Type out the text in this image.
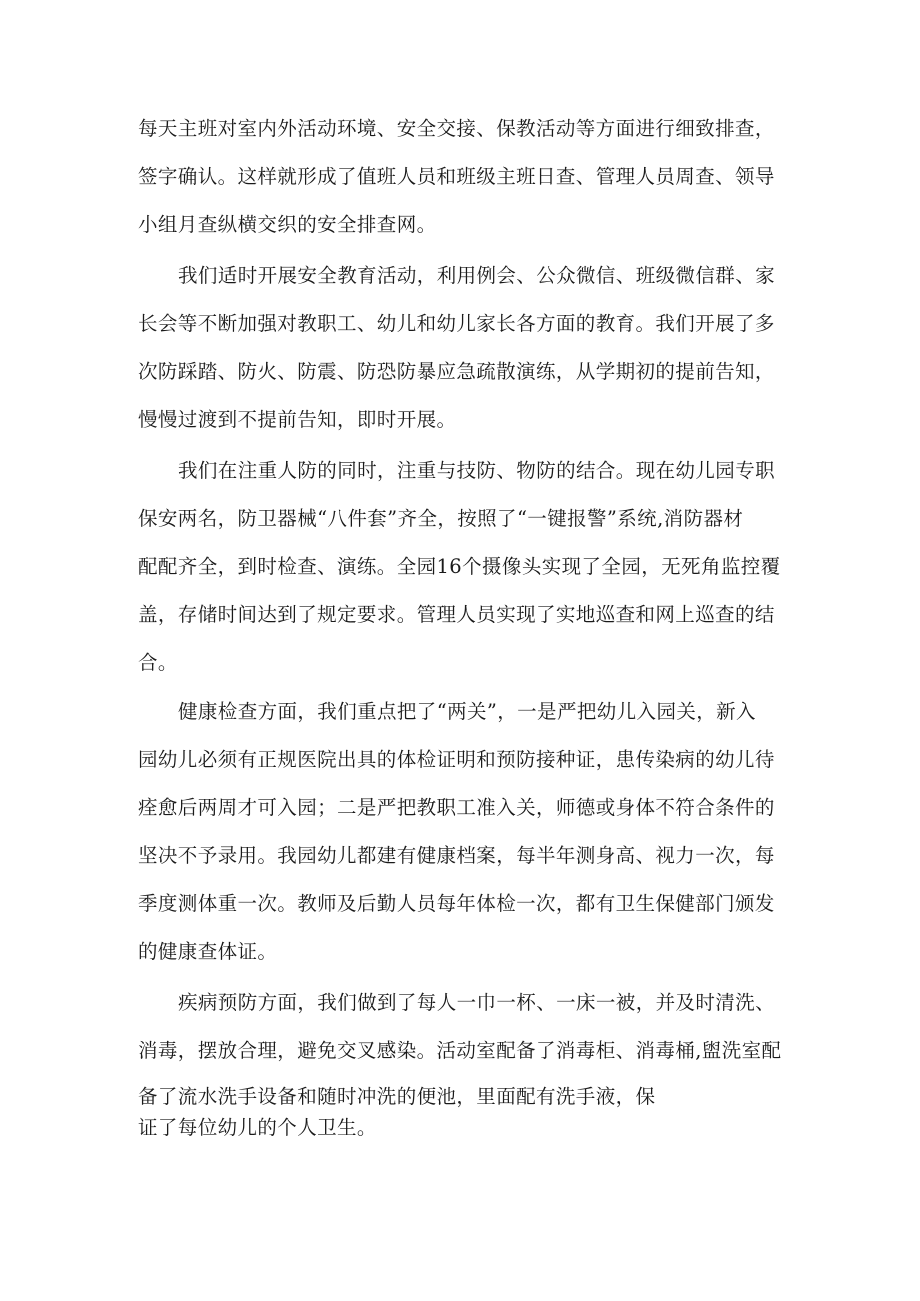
每天主班对室内外活动环境、安全交接、保教活动等方面进行细致排查，
签字确认。这样就形成了值班人员和班级主班日查、管理人员周查、领导
小组月查纵横交织的安全排查网。
我们适时开展安全教育活动，利用例会、公众微信、班级微信群、家
长会等不断加强对教职工、幼儿和幼儿家长各方面的教育。我们开展了多
次防踩踏、防火、防震、防恐防暴应急疏散演练，从学期初的提前告知，
慢慢过渡到不提前告知，即时开展。
我们在注重人防的同时，注重与技防、物防的结合。现在幼儿园专职
保安两名，防卫器械“八件套”齐全，按照了“一键报警”系统,消防器材
配配齐全，到时检查、演练。全园16个摄像头实现了全园，无死角监控覆
盖，存储时间达到了规定要求。管理人员实现了实地巡查和网上巡查的结
合。
健康检查方面，我们重点把了“两关”，一是严把幼儿入园关，新入
园幼儿必须有正规医院出具的体检证明和预防接种证，患传染病的幼儿待
痊愈后两周才可入园；二是严把教职工准入关，师德或身体不符合条件的
坚决不予录用。我园幼儿都建有健康档案，每半年测身高、视力一次，每
季度测体重一次。教师及后勤人员每年体检一次，都有卫生保健部门颁发
的健康查体证。
疾病预防方面，我们做到了每人一巾一杯、一床一被，并及时清洗、
消毒，摆放合理，避免交叉感染。活动室配备了消毒柜、消毒桶,盥洗室配
备了流水洗手设备和随时冲洗的便池，里面配有洗手液，保
证了每位幼儿的个人卫生。
